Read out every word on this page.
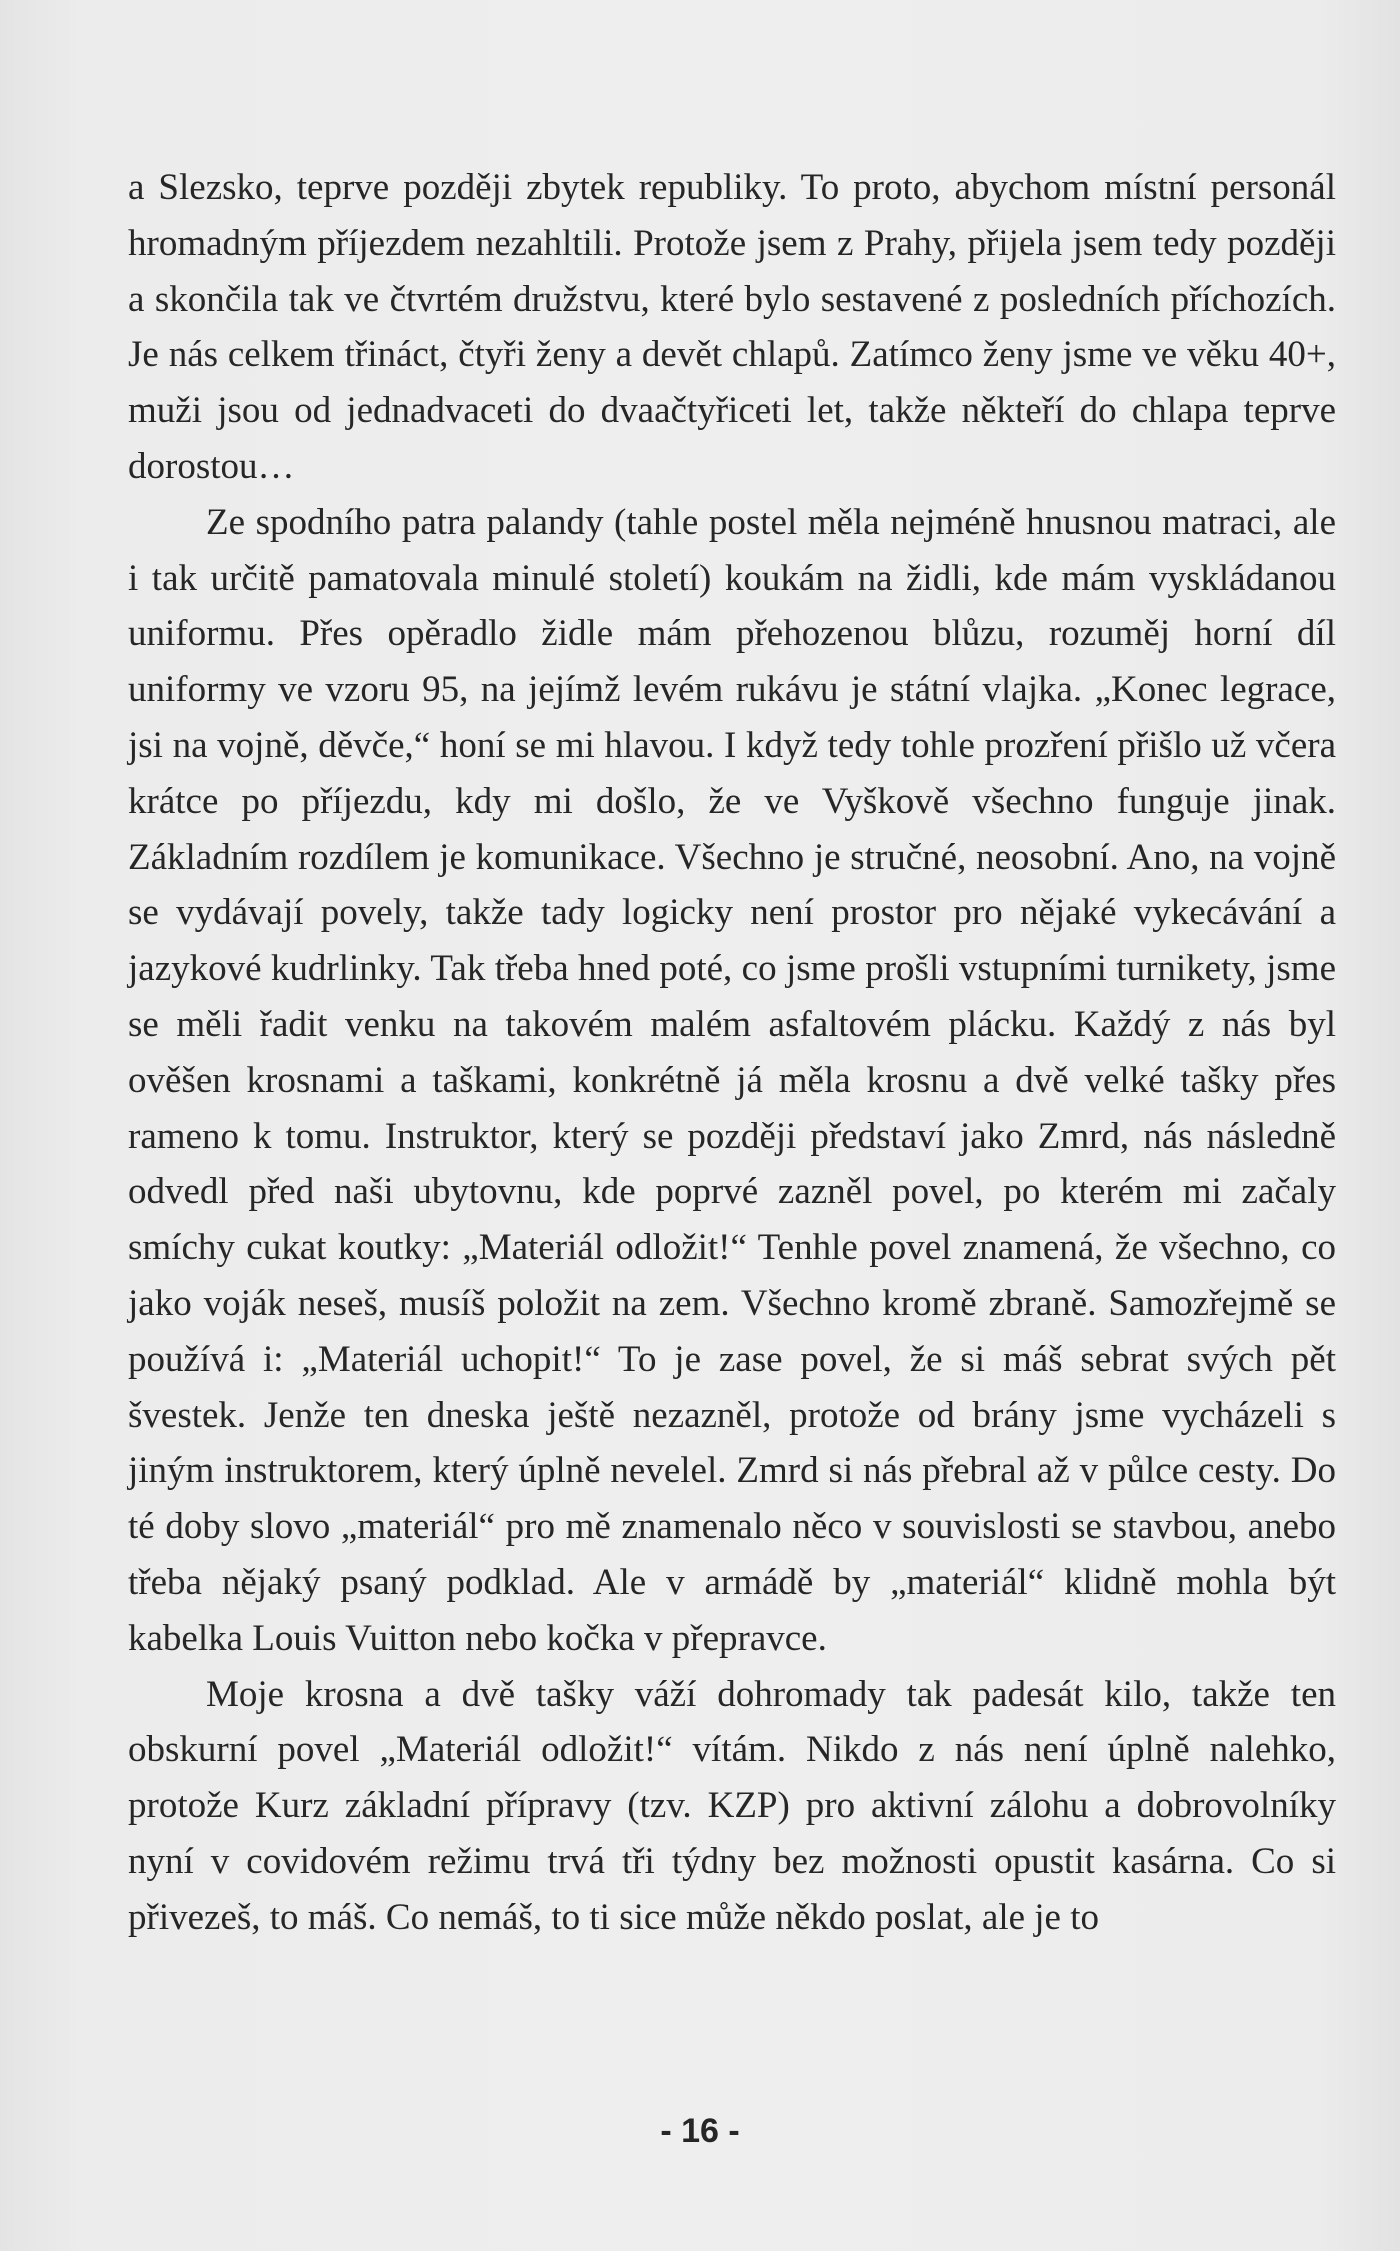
a Slezsko, teprve později zbytek republiky. To proto, abychom místní personál hromadným příjezdem nezahltili. Protože jsem z Prahy, přijela jsem tedy později a skončila tak ve čtvrtém družstvu, které bylo sestavené z posledních příchozích. Je nás celkem třináct, čtyři ženy a devět chlapů. Zatímco ženy jsme ve věku 40+, muži jsou od jednadvaceti do dvaačtyřiceti let, takže někteří do chlapa teprve dorostou…

Ze spodního patra palandy (tahle postel měla nejméně hnusnou matraci, ale i tak určitě pamatovala minulé století) koukám na židli, kde mám vyskládanou uniformu. Přes opěradlo židle mám přehozenou blůzu, rozuměj horní díl uniformy ve vzoru 95, na jejímž levém rukávu je státní vlajka. „Konec legrace, jsi na vojně, děvče,“ honí se mi hlavou. I když tedy tohle prozření přišlo už včera krátce po příjezdu, kdy mi došlo, že ve Vyškově všechno funguje jinak. Základním rozdílem je komunikace. Všechno je stručné, neosobní. Ano, na vojně se vydávají povely, takže tady logicky není prostor pro nějaké vykecávání a jazykové kudrlinky. Tak třeba hned poté, co jsme prošli vstupními turnikety, jsme se měli řadit venku na takovém malém asfaltovém plácku. Každý z nás byl ověšen krosnami a taškami, konkrétně já měla krosnu a dvě velké tašky přes rameno k tomu. Instruktor, který se později představí jako Zmrd, nás následně odvedl před naši ubytovnu, kde poprvé zazněl povel, po kterém mi začaly smíchy cukat koutky: „Materiál odložit!“ Tenhle povel znamená, že všechno, co jako voják neseš, musíš položit na zem. Všechno kromě zbraně. Samozřejmě se používá i: „Materiál uchopit!“ To je zase povel, že si máš sebrat svých pět švestek. Jenže ten dneska ještě nezazněl, protože od brány jsme vycházeli s jiným instruktorem, který úplně nevelel. Zmrd si nás přebral až v půlce cesty. Do té doby slovo „materiál“ pro mě znamenalo něco v souvislosti se stavbou, anebo třeba nějaký psaný podklad. Ale v armádě by „materiál“ klidně mohla být kabelka Louis Vuitton nebo kočka v přepravce.

Moje krosna a dvě tašky váží dohromady tak padesát kilo, takže ten obskurní povel „Materiál odložit!“ vítám. Nikdo z nás není úplně nalehko, protože Kurz základní přípravy (tzv. KZP) pro aktivní zálohu a dobrovolníky nyní v covidovém režimu trvá tři týdny bez možnosti opustit kasárna. Co si přivezeš, to máš. Co nemáš, to ti sice může někdo poslat, ale je to

- 16 -
